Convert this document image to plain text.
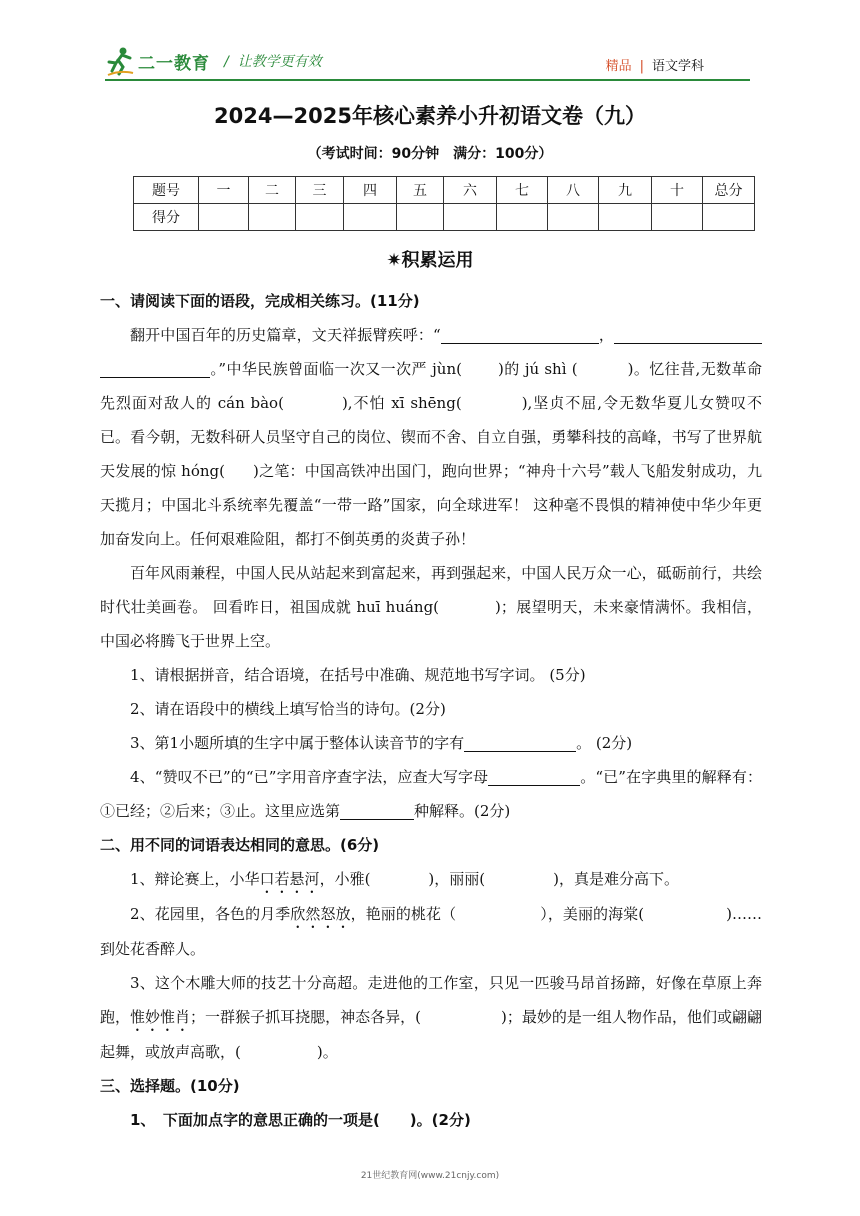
二一教育 /  让教学更有效	精品 | 语文学科
2024—2025年核心素养小升初语文卷（九）
（考试时间：90分钟　满分：100分）
题号	一	二	三	四	五	六	七	八	九	十	总分
得分											
✷积累运用

一、请阅读下面的语段，完成相关练习。(11分)

翻开中国百年的历史篇章，文天祥振臂疾呼：“	，。”中华民族曾面临一次又一次严 jùn( )的 jú shì (	)。忆往昔,无数革命先烈面对敌人的 cán bào(	),不怕 xī shēng(	),坚贞不屈,令无数华夏儿女赞叹不已。看今朝，无数科研人员坚守自己的岗位、锲而不舍、自立自强，勇攀科技的高峰，书写了世界航天发展的惊 hóng( )之笔：中国高铁冲出国门，跑向世界；“神舟十六号”载人飞船发射成功，九天揽月；中国北斗系统率先覆盖“一带一路”国家，向全球进军！ 这种毫不畏惧的精神使中华少年更加奋发向上。任何艰难险阻，都打不倒英勇的炎黄子孙！

百年风雨兼程，中国人民从站起来到富起来，再到强起来，中国人民万众一心，砥砺前行，共绘时代壮美画卷。 回看昨日，祖国成就 huī huáng(	)；展望明天，未来豪情满怀。我相信，中国必将腾飞于世界上空。

1、请根据拼音，结合语境，在括号中准确、规范地书写字词。 (5分)

2、请在语段中的横线上填写恰当的诗句。(2分)

3、第1小题所填的生字中属于整体认读音节的字有	。 (2分)

4、“赞叹不已”的“已”字用音序查字法，应查大写字母	。“已”在字典里的解释有：①已经；②后来；③止。这里应选第	种解释。(2分)

二、用不同的词语表达相同的意思。(6分)

1、辩论赛上，小华口若悬河，小雅(	)，丽丽(	)，真是难分高下。

2、花园里，各色的月季欣然怒放，艳丽的桃花（	），美丽的海棠(	)……到处花香醉人。

3、这个木雕大师的技艺十分高超。走进他的工作室，只见一匹骏马昂首扬蹄，好像在草原上奔跑，惟妙惟肖；一群猴子抓耳挠腮，神态各异，(	)；最妙的是一组人物作品，他们或翩翩起舞，或放声高歌，(	)。

三、选择题。(10分)

1、　下面加点字的意思正确的一项是(　　)。(2分)

21世纪教育网(www.21cnjy.com)
